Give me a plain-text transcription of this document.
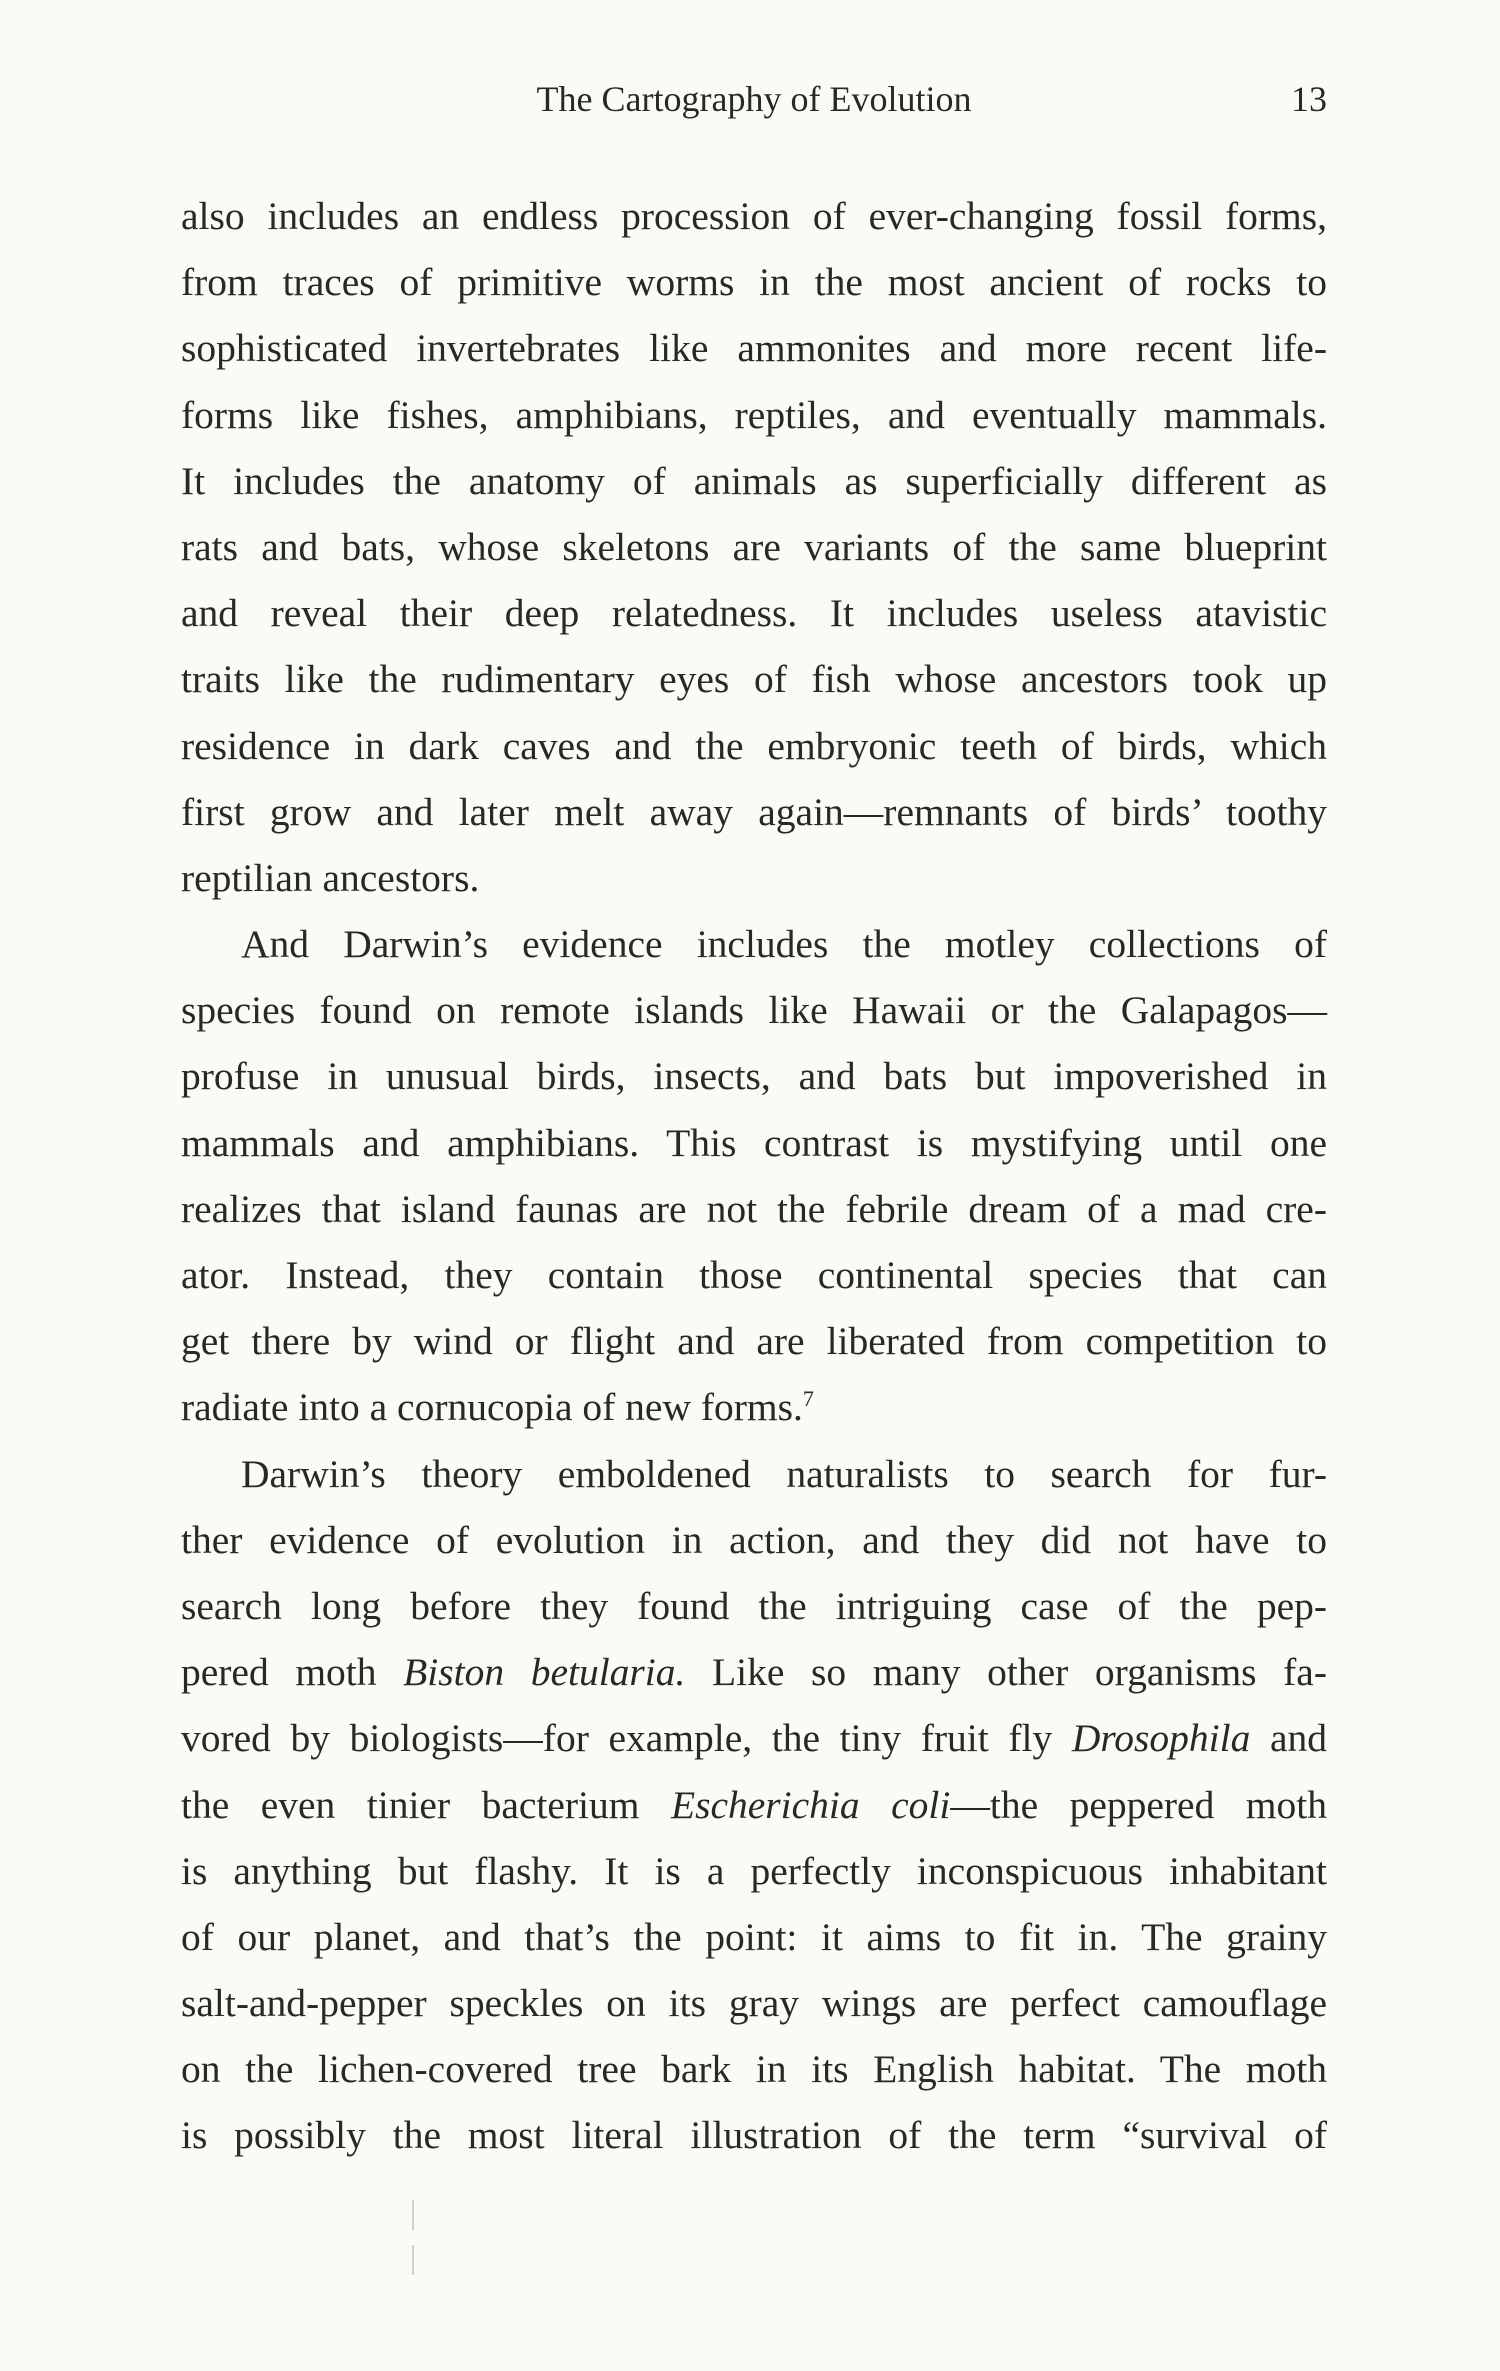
The Cartography of Evolution	13
also includes an endless procession of ever-changing fossil forms,
from traces of primitive worms in the most ancient of rocks to
sophisticated invertebrates like ammonites and more recent life-
forms like fishes, amphibians, reptiles, and eventually mammals.
It includes the anatomy of animals as superficially different as
rats and bats, whose skeletons are variants of the same blueprint
and reveal their deep relatedness. It includes useless atavistic
traits like the rudimentary eyes of fish whose ancestors took up
residence in dark caves and the embryonic teeth of birds, which
first grow and later melt away again—remnants of birds’ toothy
reptilian ancestors.
And Darwin’s evidence includes the motley collections of
species found on remote islands like Hawaii or the Galapagos—
profuse in unusual birds, insects, and bats but impoverished in
mammals and amphibians. This contrast is mystifying until one
realizes that island faunas are not the febrile dream of a mad cre-
ator. Instead, they contain those continental species that can
get there by wind or flight and are liberated from competition to
radiate into a cornucopia of new forms.$^7$
Darwin’s theory emboldened naturalists to search for fur-
ther evidence of evolution in action, and they did not have to
search long before they found the intriguing case of the pep-
pered moth Biston betularia. Like so many other organisms fa-
vored by biologists—for example, the tiny fruit fly Drosophila and
the even tinier bacterium Escherichia coli—the peppered moth
is anything but flashy. It is a perfectly inconspicuous inhabitant
of our planet, and that’s the point: it aims to fit in. The grainy
salt-and-pepper speckles on its gray wings are perfect camouflage
on the lichen-covered tree bark in its English habitat. The moth
is possibly the most literal illustration of the term “survival of
